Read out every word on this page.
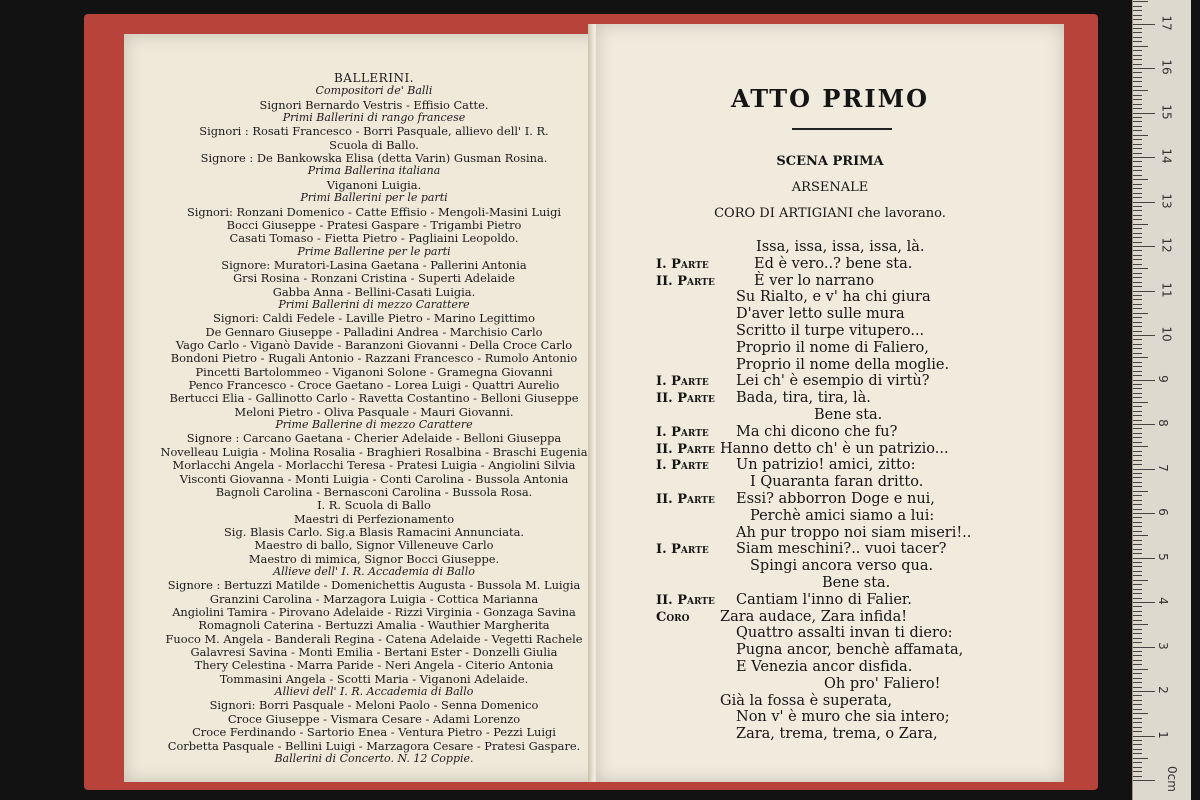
BALLERINI.
Compositori de' Balli
Signori Bernardo Vestris - Effisio Catte.
Primi Ballerini di rango francese
Signori : Rosati Francesco - Borri Pasquale, allievo dell' I. R.
Scuola di Ballo.
Signore : De Bankowska Elisa (detta Varin) Gusman Rosina.
Prima Ballerina italiana
Viganoni Luigia.
Primi Ballerini per le parti
Signori: Ronzani Domenico - Catte Effisio - Mengoli-Masini Luigi
Bocci Giuseppe - Pratesi Gaspare - Trigambi Pietro
Casati Tomaso - Fietta Pietro - Pagliaini Leopoldo.
Prime Ballerine per le parti
Signore: Muratori-Lasina Gaetana - Pallerini Antonia
Grsi Rosina - Ronzani Cristina - Superti Adelaide
Gabba Anna - Bellini-Casati Luigia.
Primi Ballerini di mezzo Carattere
Signori: Caldi Fedele - Laville Pietro - Marino Legittimo
De Gennaro Giuseppe - Palladini Andrea - Marchisio Carlo
Vago Carlo - Viganò Davide - Baranzoni Giovanni - Della Croce Carlo
Bondoni Pietro - Rugali Antonio - Razzani Francesco - Rumolo Antonio
Pincetti Bartolommeo - Viganoni Solone - Gramegna Giovanni
Penco Francesco - Croce Gaetano - Lorea Luigi - Quattri Aurelio
Bertucci Elia - Gallinotto Carlo - Ravetta Costantino - Belloni Giuseppe
Meloni Pietro - Oliva Pasquale - Mauri Giovanni.
Prime Ballerine di mezzo Carattere
Signore : Carcano Gaetana - Cherier Adelaide - Belloni Giuseppa
Novelleau Luigia - Molina Rosalia - Braghieri Rosalbina - Braschi Eugenia
Morlacchi Angela - Morlacchi Teresa - Pratesi Luigia - Angiolini Silvia
Visconti Giovanna - Monti Luigia - Conti Carolina - Bussola Antonia
Bagnoli Carolina - Bernasconi Carolina - Bussola Rosa.
I. R. Scuola di Ballo
Maestri di Perfezionamento
Sig. Blasis Carlo. Sig.a Blasis Ramacini Annunciata.
Maestro di ballo, Signor Villeneuve Carlo
Maestro di mimica, Signor Bocci Giuseppe.
Allieve dell' I. R. Accademia di Ballo
Signore : Bertuzzi Matilde - Domenichettis Augusta - Bussola M. Luigia
Granzini Carolina - Marzagora Luigia - Cottica Marianna
Angiolini Tamira - Pirovano Adelaide - Rizzi Virginia - Gonzaga Savina
Romagnoli Caterina - Bertuzzi Amalia - Wauthier Margherita
Fuoco M. Angela - Banderali Regina - Catena Adelaide - Vegetti Rachele
Galavresi Savina - Monti Emilia - Bertani Ester - Donzelli Giulia
Thery Celestina - Marra Paride - Neri Angela - Citerio Antonia
Tommasini Angela - Scotti Maria - Viganoni Adelaide.
Allievi dell' I. R. Accademia di Ballo
Signori: Borri Pasquale - Meloni Paolo - Senna Domenico
Croce Giuseppe - Vismara Cesare - Adami Lorenzo
Croce Ferdinando - Sartorio Enea - Ventura Pietro - Pezzi Luigi
Corbetta Pasquale - Bellini Luigi - Marzagora Cesare - Pratesi Gaspare.
Ballerini di Concerto. N. 12 Coppie.
ATTO PRIMO
SCENA PRIMA
ARSENALE
CORO DI ARTIGIANI che lavorano.
Issa, issa, issa, issa, là.
I. Parte	Ed è vero..? bene sta.
II. Parte	È ver lo narrano
Su Rialto, e v' ha chi giura
D'aver letto sulle mura
Scritto il turpe vitupero...
Proprio il nome di Faliero,
Proprio il nome della moglie.
I. Parte Lei ch' è esempio di virtù?
II. Parte Bada, tira, tira, là.
Bene sta.
I. Parte Ma chi dicono che fu?
II. Parte Hanno detto ch' è un patrizio...
I. Parte Un patrizio! amici, zitto:
I Quaranta faran dritto.
II. Parte Essi? abborron Doge e nui,
Perchè amici siamo a lui:
Ah pur troppo noi siam miseri!..
I. Parte Siam meschini?.. vuoi tacer?
Spingi ancora verso qua.
Bene sta.
II. Parte Cantiam l'inno di Falier.
Coro Zara audace, Zara infida!
Quattro assalti invan ti diero:
Pugna ancor, benchè affamata,
E Venezia ancor disfida.
Oh pro' Faliero!
Già la fossa è superata,
Non v' è muro che sia intero;
Zara, trema, trema, o Zara,
17
16
15
14
13
12
11
10
9
8
7
6
5
4
3
2
1
0cm
